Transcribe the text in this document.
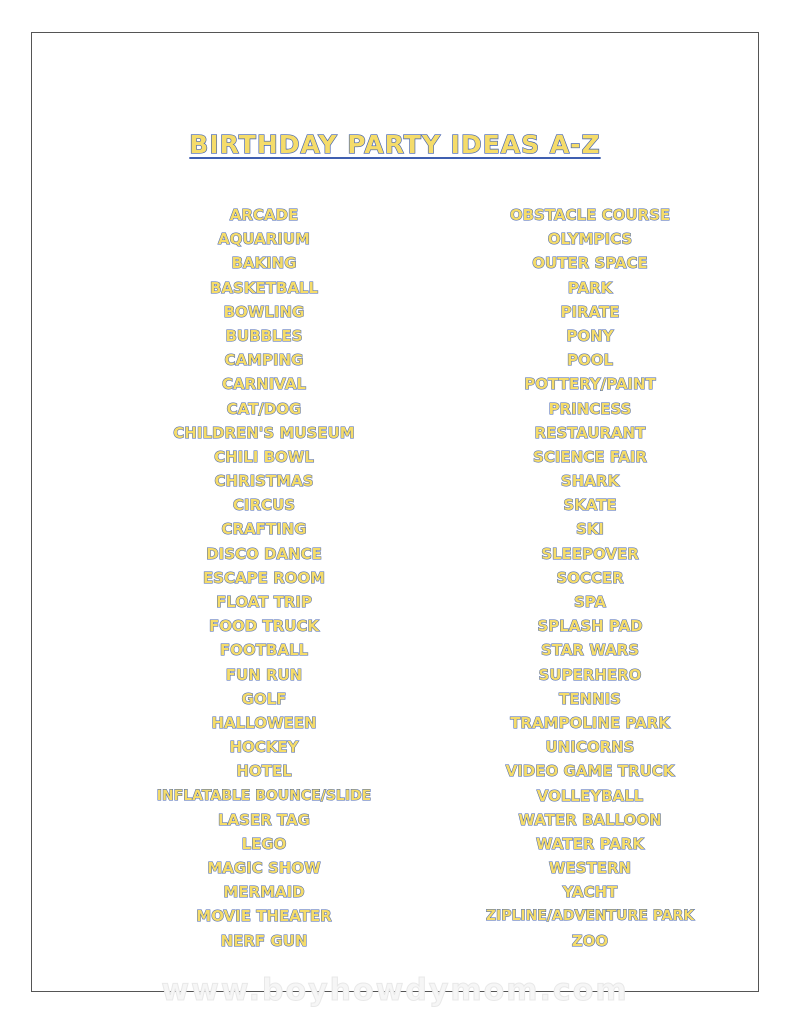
BIRTHDAY PARTY IDEAS A-Z
ARCADE
AQUARIUM
BAKING
BASKETBALL
BOWLING
BUBBLES
CAMPING
CARNIVAL
CAT/DOG
CHILDREN'S MUSEUM
CHILI BOWL
CHRISTMAS
CIRCUS
CRAFTING
DISCO DANCE
ESCAPE ROOM
FLOAT TRIP
FOOD TRUCK
FOOTBALL
FUN RUN
GOLF
HALLOWEEN
HOCKEY
HOTEL
INFLATABLE BOUNCE/SLIDE
LASER TAG
LEGO
MAGIC SHOW
MERMAID
MOVIE THEATER
NERF GUN
OBSTACLE COURSE
OLYMPICS
OUTER SPACE
PARK
PIRATE
PONY
POOL
POTTERY/PAINT
PRINCESS
RESTAURANT
SCIENCE FAIR
SHARK
SKATE
SKI
SLEEPOVER
SOCCER
SPA
SPLASH PAD
STAR WARS
SUPERHERO
TENNIS
TRAMPOLINE PARK
UNICORNS
VIDEO GAME TRUCK
VOLLEYBALL
WATER BALLOON
WATER PARK
WESTERN
YACHT
ZIPLINE/ADVENTURE PARK
ZOO
www.boyhowdymom.com
